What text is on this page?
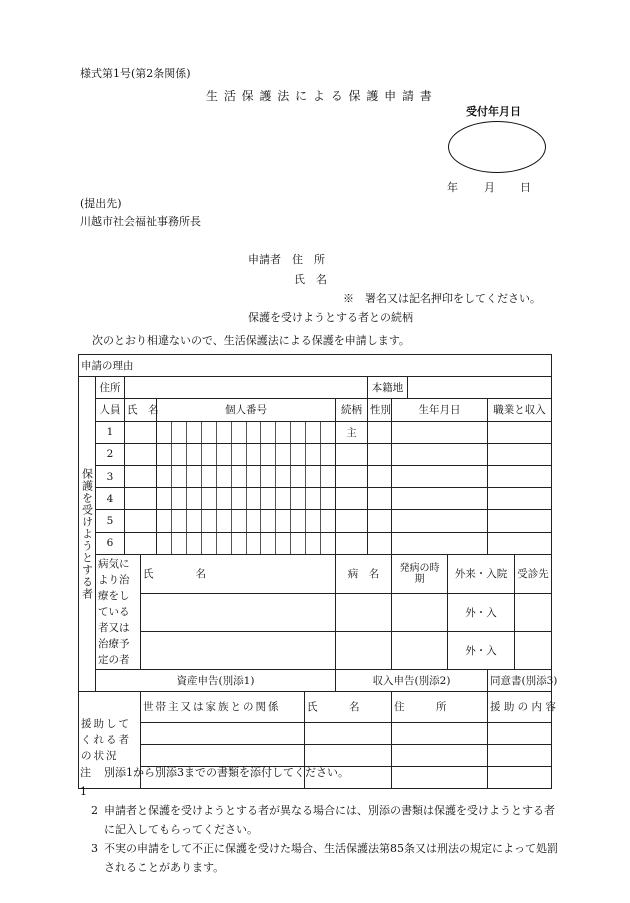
様式第1号(第2条関係)
生 活 保 護 法 に よ る 保 護 申 請 書
受付年月日
年 月 日
(提出先)
川越市社会福祉事務所長
申請者　住　所
氏　名
※　署名又は記名押印をしてください。
保護を受けようとする者との続柄
次のとおり相違ないので、生活保護法による保護を申請します。
申請の理由													

保護を受けようとする者	住所						本籍地						
	人員	氏　名		個人番号		続柄	性別	生年月日			職業と収入	
	1					主							
	2							

	3							

	4							

	5							

	6							

	病気により治療をしている者又は治療予定の者		氏　　　　名			病　名		発病の時　期		外来・入院		受診先	
										外・入			
										外・入			
	資産申告(別添1)					収入申告(別添2)					同意書(別添3)		
援助してくれる者の状況			世帯主又は家族との関係		氏　　　名			住　　　所			援 助 の 内 容		

注　1
別添1から別添3までの書類を添付してください。
2 申請者と保護を受けようとする者が異なる場合には、別添の書類は保護を受けようとする者に記入してもらってください。
3 不実の申請をして不正に保護を受けた場合、生活保護法第85条又は刑法の規定によって処罰されることがあります。
